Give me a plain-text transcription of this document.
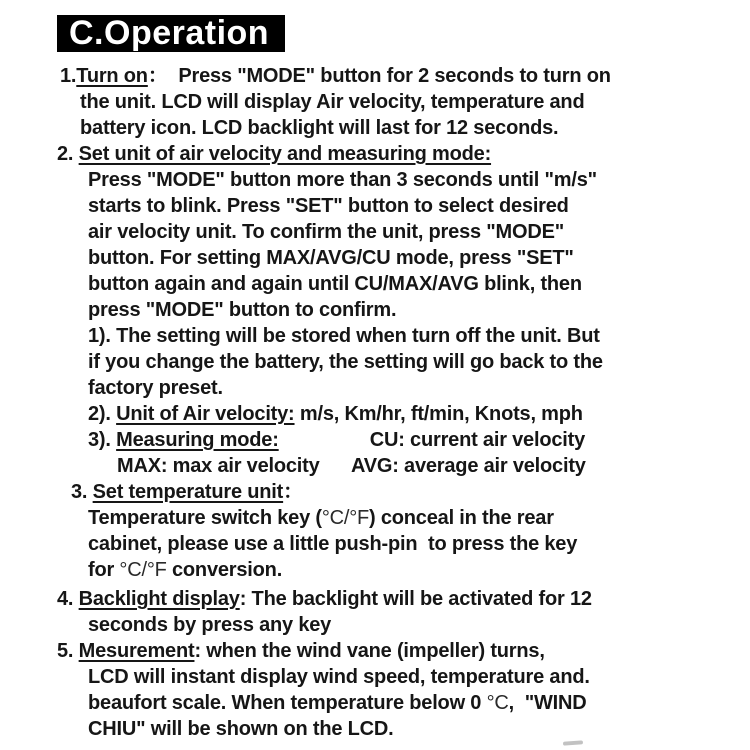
C.Operation
1.Turn on：  Press "MODE" button for 2 seconds to turn on
the unit. LCD will display Air velocity, temperature and
battery icon. LCD backlight will last for 12 seconds.
2. Set unit of air velocity and measuring mode:
Press "MODE" button more than 3 seconds until "m/s"
starts to blink. Press "SET" button to select desired
air velocity unit. To confirm the unit, press "MODE"
button. For setting MAX/AVG/CU mode, press "SET"
button again and again until CU/MAX/AVG blink, then
press "MODE" button to confirm.
1). The setting will be stored when turn off the unit. But
if you change the battery, the setting will go back to the
factory preset.
2). Unit of Air velocity: m/s, Km/hr, ft/min, Knots, mph
3). Measuring mode:                 CU: current air velocity
MAX: max air velocity      AVG: average air velocity
3. Set temperature unit：
Temperature switch key (°C/°F) conceal in the rear
cabinet, please use a little push-pin  to press the key
for °C/°F conversion.
4. Backlight display: The backlight will be activated for 12
seconds by press any key
5. Mesurement: when the wind vane (impeller) turns,
LCD will instant display wind speed, temperature and.
beaufort scale. When temperature below 0 °C,  "WIND
CHIU" will be shown on the LCD.
